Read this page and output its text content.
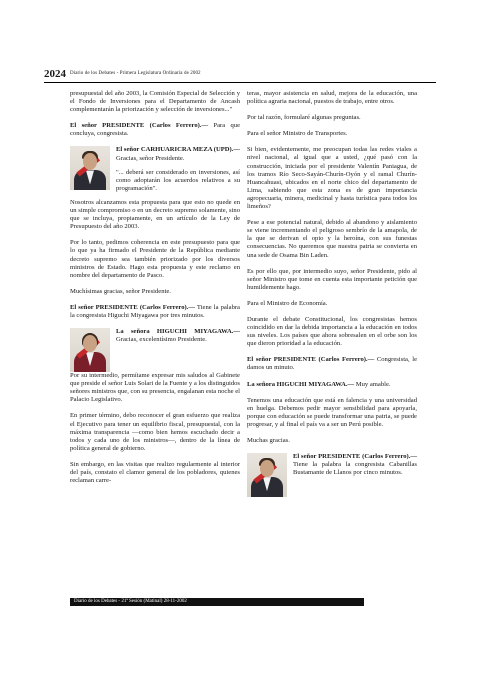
2024 Diario de los Debates - Primera Legislatura Ordinaria de 2002

presupuestal del año 2003, la Comisión Especial de Selección y el Fondo de Inversiones para el Departamento de Ancash complementarán la priorización y selección de inversiones..."

El señor PRESIDENTE (Carlos Ferrero).— Para que concluya, congresista.

El señor CARHUARICRA MEZA (UPD).— Gracias, señor Presidente.

"... deberá ser considerado en inversiones, así como adoptarán los acuerdos relativos a su programación".

Nosotros alcanzamos esta propuesta para que esto no quede en un simple compromiso o en un decreto supremo solamente, sino que se incluya, propiamente, en un artículo de la Ley de Presupuesto del año 2003.

Por lo tanto, pedimos coherencia en este presupuesto para que lo que ya ha firmado el Presidente de la República mediante decreto supremo sea también priorizado por los diversos ministros de Estado. Hago esta propuesta y este reclamo en nombre del departamento de Pasco.

Muchísimas gracias, señor Presidente.

El señor PRESIDENTE (Carlos Ferrero).— Tiene la palabra la congresista Higuchi Miyagawa por tres minutos.

La señora HIGUCHI MIYAGAWA.— Gracias, excelentísimo Presidente.

Por su intermedio, permítame expresar mis saludos al Gabinete que preside el señor Luis Solari de la Fuente y a los distinguidos señores ministros que, con su presencia, engalanan esta noche el Palacio Legislativo.

En primer término, debo reconocer el gran esfuerzo que realiza el Ejecutivo para tener un equilibrio fiscal, presupuestal, con la máxima transparencia —como bien hemos escuchado decir a todos y cada uno de los ministros—, dentro de la línea de política general de gobierno.

Sin embargo, en las visitas que realizo regularmente al interior del país, constato el clamor general de los pobladores, quienes reclaman carre-

teras, mayor asistencia en salud, mejora de la educación, una política agraria nacional, puestos de trabajo, entre otros.

Por tal razón, formularé algunas preguntas.

Para el señor Ministro de Transportes.

Si bien, evidentemente, me preocupan todas las redes viales a nivel nacional, al igual que a usted, ¿qué pasó con la construcción, iniciada por el presidente Valentín Paniagua, de los tramos Río Seco-Sayán-Churín-Oyón y el ramal Churín-Huancahuasi, ubicados en el norte chico del departamento de Lima, sabiendo que esta zona es de gran importancia agropecuaria, minera, medicinal y hasta turística para todos los limeños?

Pese a ese potencial natural, debido al abandono y aislamiento se viene incrementando el peligroso sembrío de la amapola, de la que se derivan el opio y la heroína, con sus funestas consecuencias. No queremos que nuestra patria se convierta en una sede de Osama Bin Laden.

Es por ello que, por intermedio suyo, señor Presidente, pido al señor Ministro que tome en cuenta esta importante petición que humildemente hago.

Para el Ministro de Economía.

Durante el debate Constitucional, los congresistas hemos coincidido en dar la debida importancia a la educación en todos sus niveles. Los países que ahora sobresalen en el orbe son los que dieron prioridad a la educación.

El señor PRESIDENTE (Carlos Ferrero).— Congresista, le damos un minuto.

La señora HIGUCHI MIYAGAWA.— Muy amable.

Tenemos una educación que está en falencia y una universidad en huelga. Debemos pedir mayor sensibilidad para apoyarla, porque con educación se puede transformar una patria, se puede progresar, y al final el país va a ser un Perú posible.

Muchas gracias.

El señor PRESIDENTE (Carlos Ferrero).— Tiene la palabra la congresista Cabanillas Bustamante de Llanos por cinco minutos.

Diario de los Debates - 21ª Sesión (Matinal) 28-11-2002
